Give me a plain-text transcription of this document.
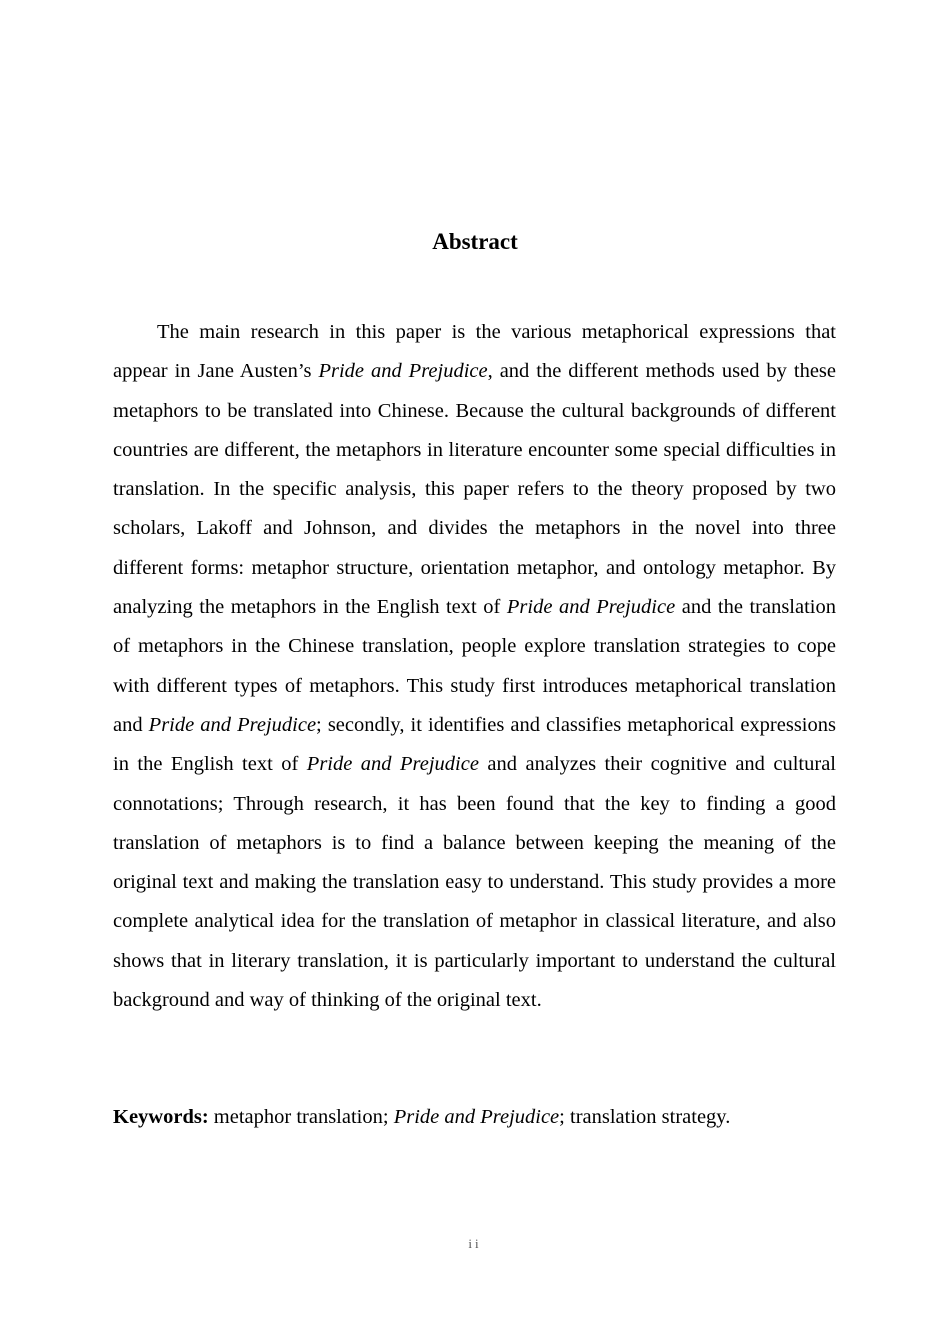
Abstract

The main research in this paper is the various metaphorical expressions that appear in Jane Austen’s Pride and Prejudice, and the different methods used by these metaphors to be translated into Chinese. Because the cultural backgrounds of different countries are different, the metaphors in literature encounter some special difficulties in translation. In the specific analysis, this paper refers to the theory proposed by two scholars, Lakoff and Johnson, and divides the metaphors in the novel into three different forms: metaphor structure, orientation metaphor, and ontology metaphor. By analyzing the metaphors in the English text of Pride and Prejudice and the translation of metaphors in the Chinese translation, people explore translation strategies to cope with different types of metaphors. This study first introduces metaphorical translation and Pride and Prejudice; secondly, it identifies and classifies metaphorical expressions in the English text of Pride and Prejudice and analyzes their cognitive and cultural connotations; Through research, it has been found that the key to finding a good translation of metaphors is to find a balance between keeping the meaning of the original text and making the translation easy to understand. This study provides a more complete analytical idea for the translation of metaphor in classical literature, and also shows that in literary translation, it is particularly important to understand the cultural background and way of thinking of the original text.

Keywords: metaphor translation; Pride and Prejudice; translation strategy.

ii
